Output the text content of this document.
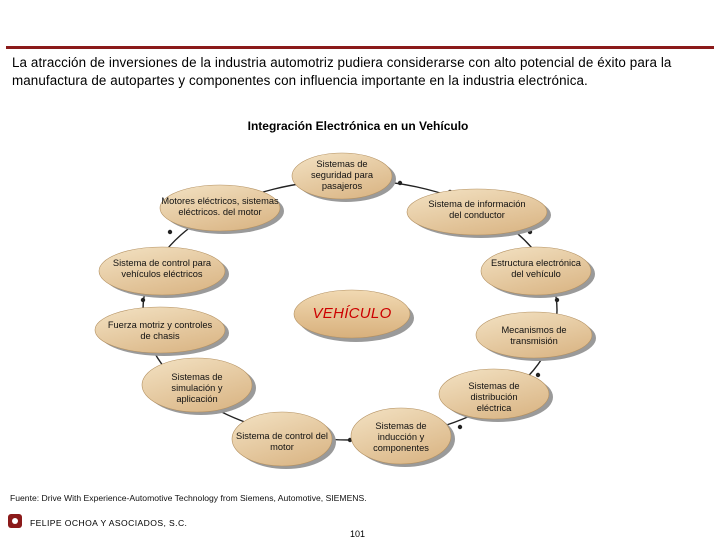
La atracción de inversiones de la industria automotriz pudiera considerarse con alto potencial de éxito para la manufactura de autopartes y componentes con influencia importante en la industria electrónica.
Integración Electrónica en un Vehículo
Sistemas de seguridad para pasajeros
Motores eléctricos, sistemas eléctricos. del motor
Sistema de información del conductor
Sistema de control para vehículos eléctricos
Estructura electrónica del vehículo
Fuerza motriz y controles de chasis
Mecanismos de transmisión
Sistemas de simulación y aplicación
Sistemas de distribución eléctrica
Sistema de control del motor
Sistemas de inducción y componentes
VEHÍCULO
Fuente: Drive With Experience-Automotive Technology from Siemens, Automotive, SIEMENS.
FELIPE OCHOA Y ASOCIADOS, S.C.
101
